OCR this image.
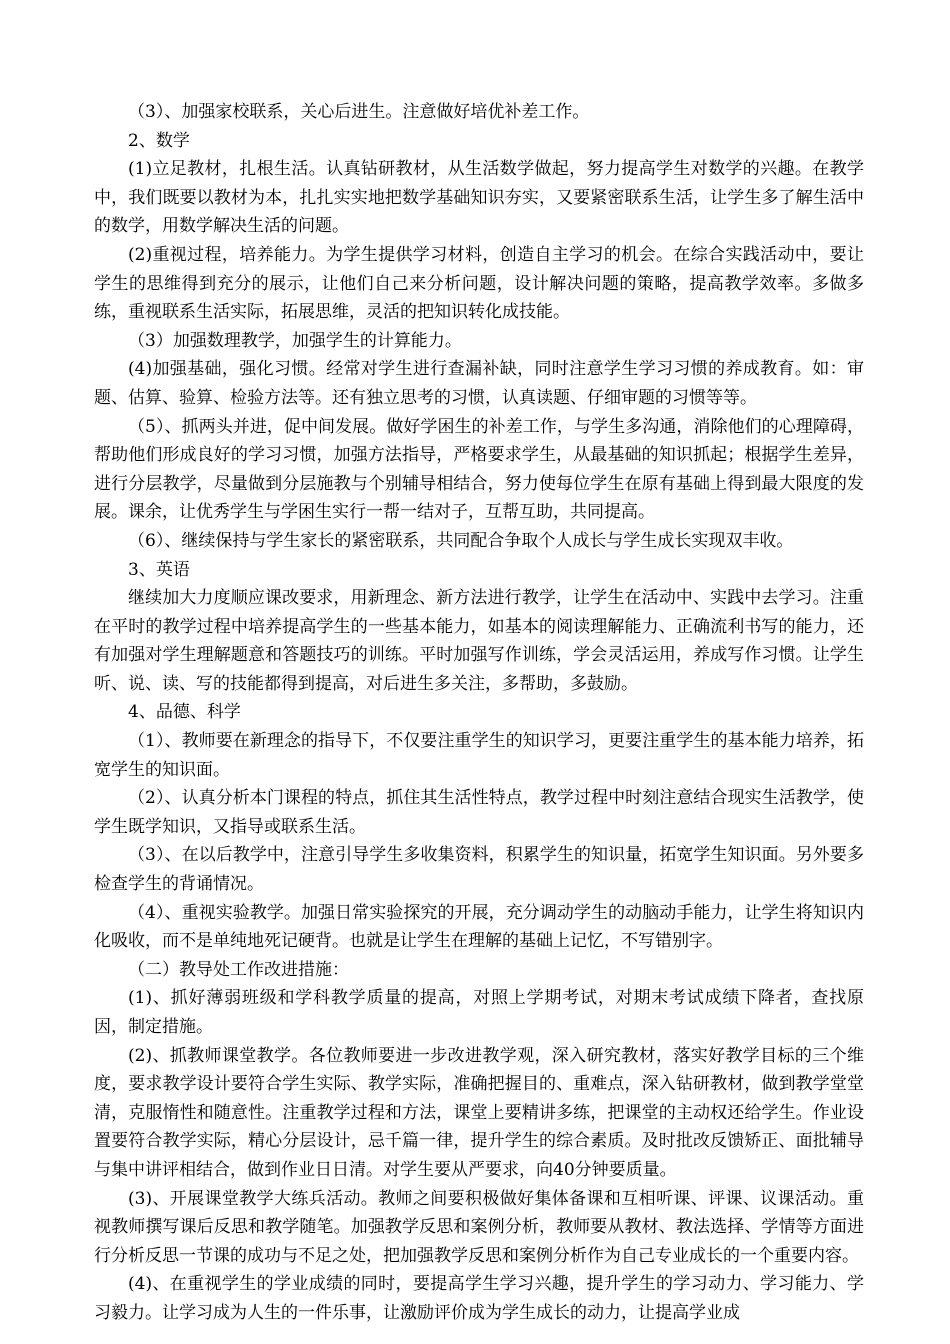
（3）、加强家校联系，关心后进生。注意做好培优补差工作。

2、数学

(1)立足教材，扎根生活。认真钻研教材，从生活数学做起，努力提高学生对数学的兴趣。在教学中，我们既要以教材为本，扎扎实实地把数学基础知识夯实，又要紧密联系生活，让学生多了解生活中的数学，用数学解决生活的问题。

(2)重视过程，培养能力。为学生提供学习材料，创造自主学习的机会。在综合实践活动中，要让学生的思维得到充分的展示，让他们自己来分析问题，设计解决问题的策略，提高教学效率。多做多练，重视联系生活实际，拓展思维，灵活的把知识转化成技能。

（3）加强数理教学，加强学生的计算能力。

(4)加强基础，强化习惯。经常对学生进行查漏补缺，同时注意学生学习习惯的养成教育。如：审题、估算、验算、检验方法等。还有独立思考的习惯，认真读题、仔细审题的习惯等等。

（5）、抓两头并进，促中间发展。做好学困生的补差工作，与学生多沟通，消除他们的心理障碍，帮助他们形成良好的学习习惯，加强方法指导，严格要求学生，从最基础的知识抓起；根据学生差异，进行分层教学，尽量做到分层施教与个别辅导相结合，努力使每位学生在原有基础上得到最大限度的发展。课余，让优秀学生与学困生实行一帮一结对子，互帮互助，共同提高。

（6）、继续保持与学生家长的紧密联系，共同配合争取个人成长与学生成长实现双丰收。

3、英语

继续加大力度顺应课改要求，用新理念、新方法进行教学，让学生在活动中、实践中去学习。注重在平时的教学过程中培养提高学生的一些基本能力，如基本的阅读理解能力、正确流利书写的能力，还有加强对学生理解题意和答题技巧的训练。平时加强写作训练，学会灵活运用，养成写作习惯。让学生听、说、读、写的技能都得到提高，对后进生多关注，多帮助，多鼓励。

4、品德、科学

（1）、教师要在新理念的指导下，不仅要注重学生的知识学习，更要注重学生的基本能力培养，拓宽学生的知识面。

（2）、认真分析本门课程的特点，抓住其生活性特点，教学过程中时刻注意结合现实生活教学，使学生既学知识，又指导或联系生活。

（3）、在以后教学中，注意引导学生多收集资料，积累学生的知识量，拓宽学生知识面。另外要多检查学生的背诵情况。

（4）、重视实验教学。加强日常实验探究的开展，充分调动学生的动脑动手能力，让学生将知识内化吸收，而不是单纯地死记硬背。也就是让学生在理解的基础上记忆，不写错别字。

（二）教导处工作改进措施：

(1)、抓好薄弱班级和学科教学质量的提高，对照上学期考试，对期末考试成绩下降者，查找原因，制定措施。

(2)、抓教师课堂教学。各位教师要进一步改进教学观，深入研究教材，落实好教学目标的三个维度，要求教学设计要符合学生实际、教学实际，准确把握目的、重难点，深入钻研教材，做到教学堂堂清，克服惰性和随意性。注重教学过程和方法，课堂上要精讲多练，把课堂的主动权还给学生。作业设置要符合教学实际，精心分层设计，忌千篇一律，提升学生的综合素质。及时批改反馈矫正、面批辅导与集中讲评相结合，做到作业日日清。对学生要从严要求，向40分钟要质量。

(3)、开展课堂教学大练兵活动。教师之间要积极做好集体备课和互相听课、评课、议课活动。重视教师撰写课后反思和教学随笔。加强教学反思和案例分析，教师要从教材、教法选择、学情等方面进行分析反思一节课的成功与不足之处，把加强教学反思和案例分析作为自己专业成长的一个重要内容。

(4)、在重视学生的学业成绩的同时，要提高学生学习兴趣，提升学生的学习动力、学习能力、学习毅力。让学习成为人生的一件乐事，让激励评价成为学生成长的动力，让提高学业成
